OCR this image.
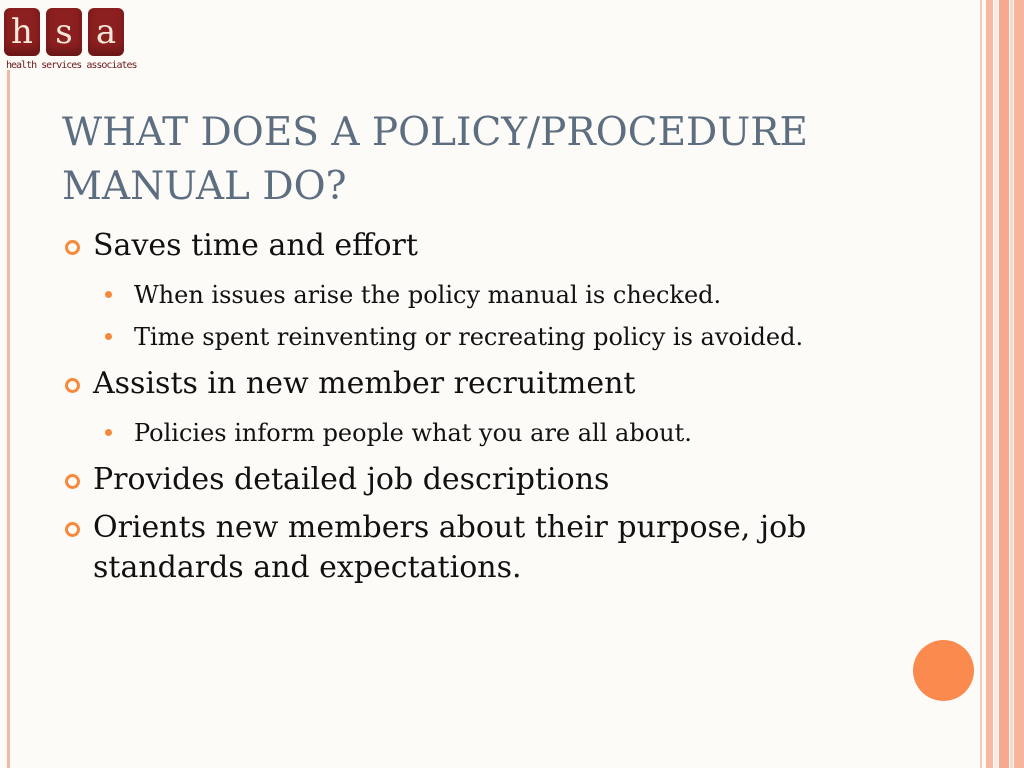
h s a
health services associates
WHAT DOES A POLICY/PROCEDURE
MANUAL DO?
Saves time and effort
When issues arise the policy manual is checked.
Time spent reinventing or recreating policy is avoided.
Assists in new member recruitment
Policies inform people what you are all about.
Provides detailed job descriptions
Orients new members about their purpose, job standards and expectations.
